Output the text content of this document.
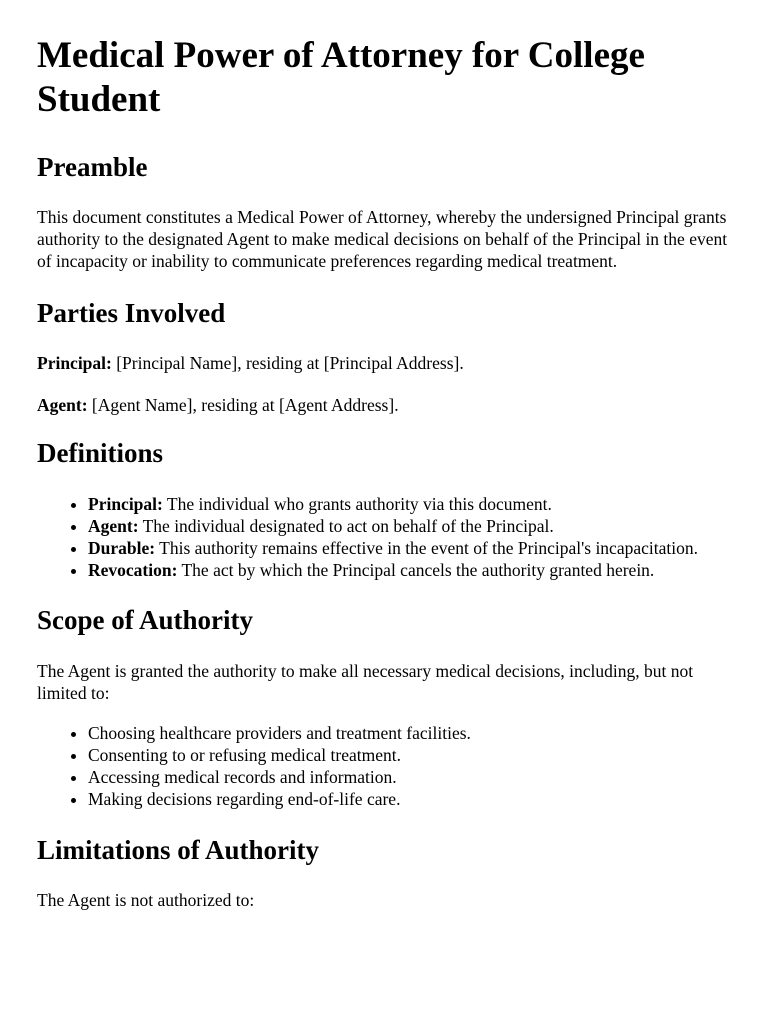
Medical Power of Attorney for College Student
Preamble

This document constitutes a Medical Power of Attorney, whereby the undersigned Principal grants authority to the designated Agent to make medical decisions on behalf of the Principal in the event of incapacity or inability to communicate preferences regarding medical treatment.

Parties Involved

Principal: [Principal Name], residing at [Principal Address].

Agent: [Agent Name], residing at [Agent Address].

Definitions
• Principal: The individual who grants authority via this document.
• Agent: The individual designated to act on behalf of the Principal.
• Durable: This authority remains effective in the event of the Principal's incapacitation.
• Revocation: The act by which the Principal cancels the authority granted herein.
Scope of Authority

The Agent is granted the authority to make all necessary medical decisions, including, but not limited to:

• Choosing healthcare providers and treatment facilities.
• Consenting to or refusing medical treatment.
• Accessing medical records and information.
• Making decisions regarding end-of-life care.
Limitations of Authority

The Agent is not authorized to:
